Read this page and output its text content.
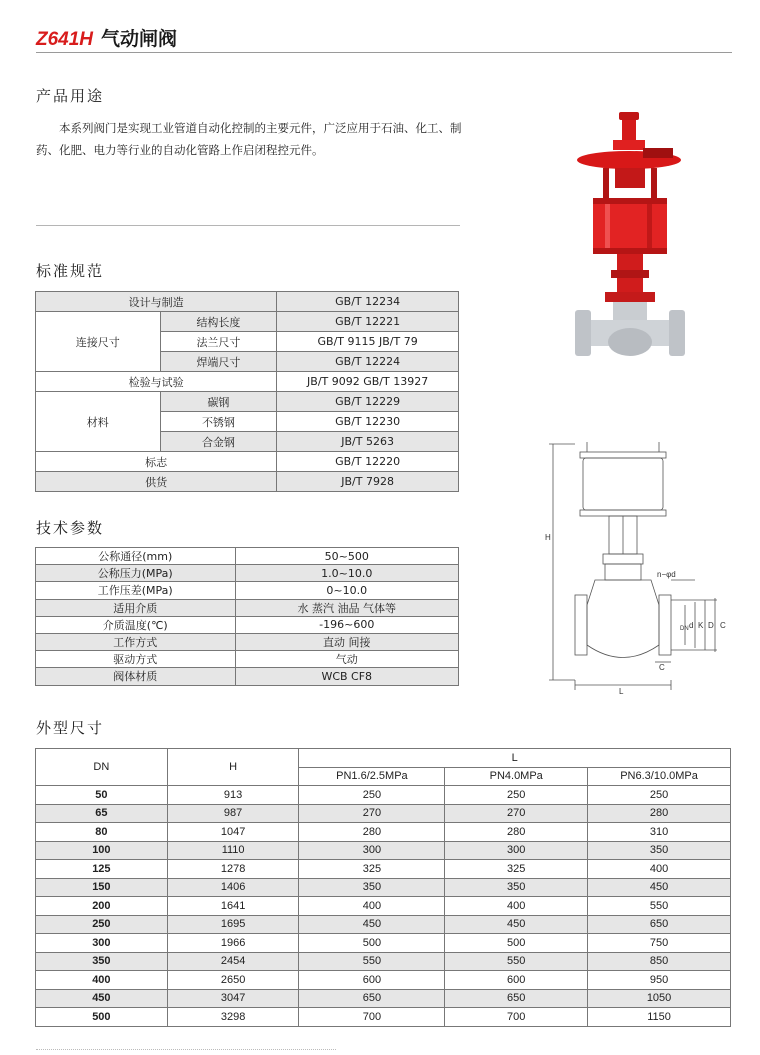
Z641H 气动闸阀
产品用途
本系列阀门是实现工业管道自动化控制的主要元件，广泛应用于石油、化工、制药、化肥、电力等行业的自动化管路上作启闭程控元件。
标准规范
设计与制造		GB/T 12234
连接尺寸	结构长度	GB/T 12221
	法兰尺寸	GB/T 9115 JB/T 79
	焊端尺寸	GB/T 12224
检验与试验		JB/T 9092 GB/T 13927
材料	碳钢	GB/T 12229
	不锈钢	GB/T 12230
	合金钢	JB/T 5263
标志		GB/T 12220
供货		JB/T 7928
技术参数
公称通径(mm)	50~500
公称压力(MPa)	1.0~10.0
工作压差(MPa)	0~10.0
适用介质	水 蒸汽 油品 气体等
介质温度(℃)	-196~600
工作方式	直动 间接
驱动方式	气动
阀体材质	WCB CF8
外型尺寸
DN	H	L		
		PN1.6/2.5MPa	PN4.0MPa	PN6.3/10.0MPa
50	913	250	250	250
65	987	270	270	280
80	1047	280	280	310
100	1110	300	300	350
125	1278	325	325	400
150	1406	350	350	450
200	1641	400	400	550
250	1695	450	450	650
300	1966	500	500	750
350	2454	550	550	850
400	2650	600	600	950
450	3047	650	650	1050
500	3298	700	700	1150
H
L
DN d K D
n−φd
C
C
